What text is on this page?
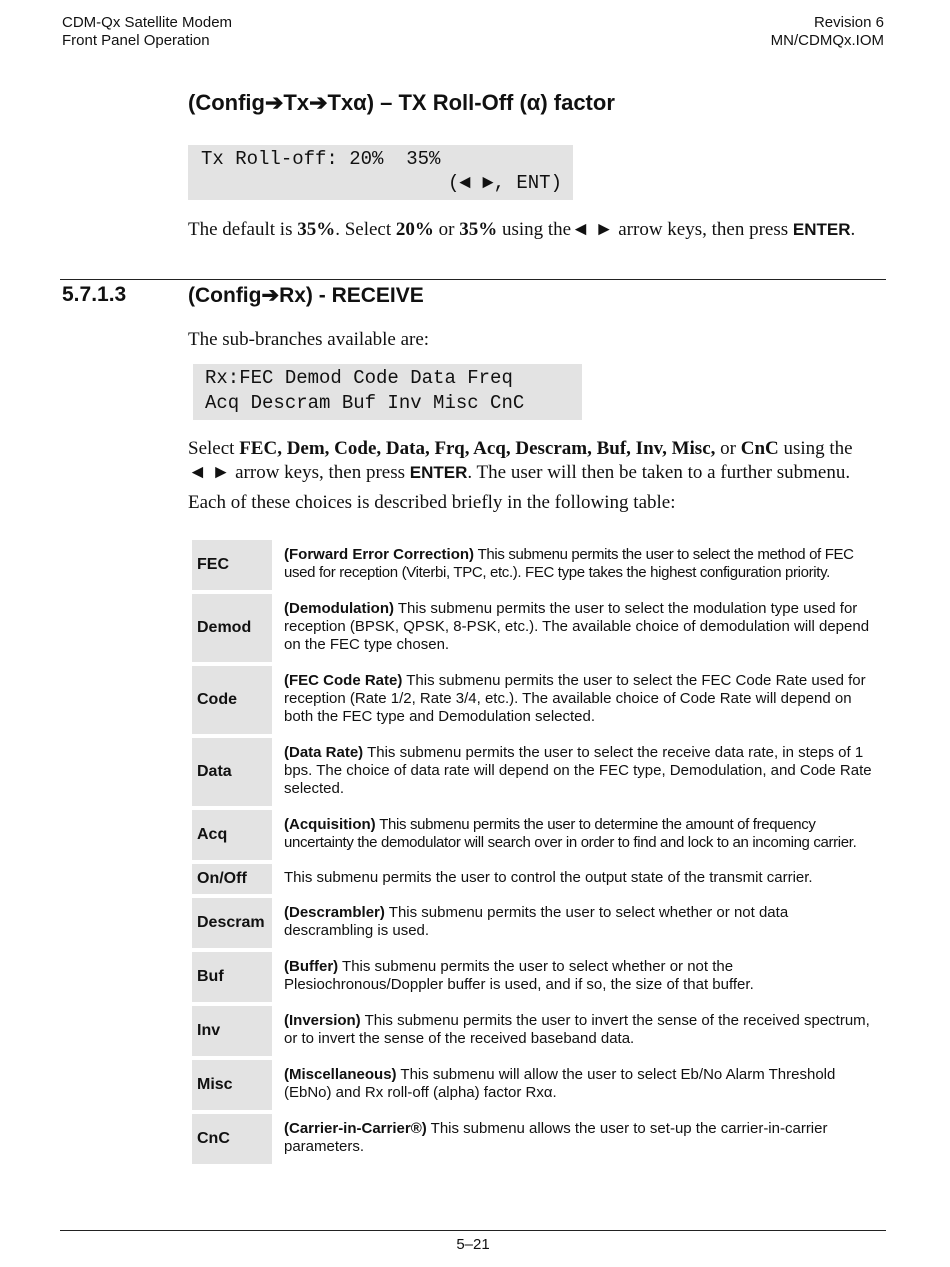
CDM-Qx Satellite Modem
Front Panel Operation
Revision 6
MN/CDMQx.IOM
(Config➔Tx➔Txα) – TX Roll-Off (α) factor

Tx Roll-off: 20%  35%

(◄ ►, ENT)

The default is 35%. Select 20% or 35% using the◄ ► arrow keys, then press ENTER.
5.7.1.3	(Config➔Rx) - RECEIVE
The sub-branches available are:

Rx:FEC Demod Code Data Freq

Acq Descram Buf Inv Misc CnC

Select FEC, Dem, Code, Data, Frq, Acq, Descram, Buf, Inv, Misc, or CnC using the
◄ ► arrow keys, then press ENTER. The user will then be taken to a further submenu.
Each of these choices is described briefly in the following table:
FEC	(Forward Error Correction) This submenu permits the user to select the method of FEC used for reception (Viterbi, TPC, etc.). FEC type takes the highest configuration priority.
Demod	(Demodulation) This submenu permits the user to select the modulation type used for reception (BPSK, QPSK, 8-PSK, etc.). The available choice of demodulation will depend on the FEC type chosen.
Code	(FEC Code Rate) This submenu permits the user to select the FEC Code Rate used for reception (Rate 1/2, Rate 3/4, etc.). The available choice of Code Rate will depend on both the FEC type and Demodulation selected.
Data	(Data Rate) This submenu permits the user to select the receive data rate, in steps of 1 bps. The choice of data rate will depend on the FEC type, Demodulation, and Code Rate selected.
Acq	(Acquisition) This submenu permits the user to determine the amount of frequency uncertainty the demodulator will search over in order to find and lock to an incoming carrier.
On/Off	This submenu permits the user to control the output state of the transmit carrier.
Descram	(Descrambler) This submenu permits the user to select whether or not data descrambling is used.
Buf	(Buffer) This submenu permits the user to select whether or not the Plesiochronous/Doppler buffer is used, and if so, the size of that buffer.
Inv	(Inversion) This submenu permits the user to invert the sense of the received spectrum, or to invert the sense of the received baseband data.
Misc	(Miscellaneous) This submenu will allow the user to select Eb/No Alarm Threshold (EbNo) and Rx roll-off (alpha) factor Rxα.
CnC	(Carrier-in-Carrier®) This submenu allows the user to set-up the carrier-in-carrier parameters.
5–21
